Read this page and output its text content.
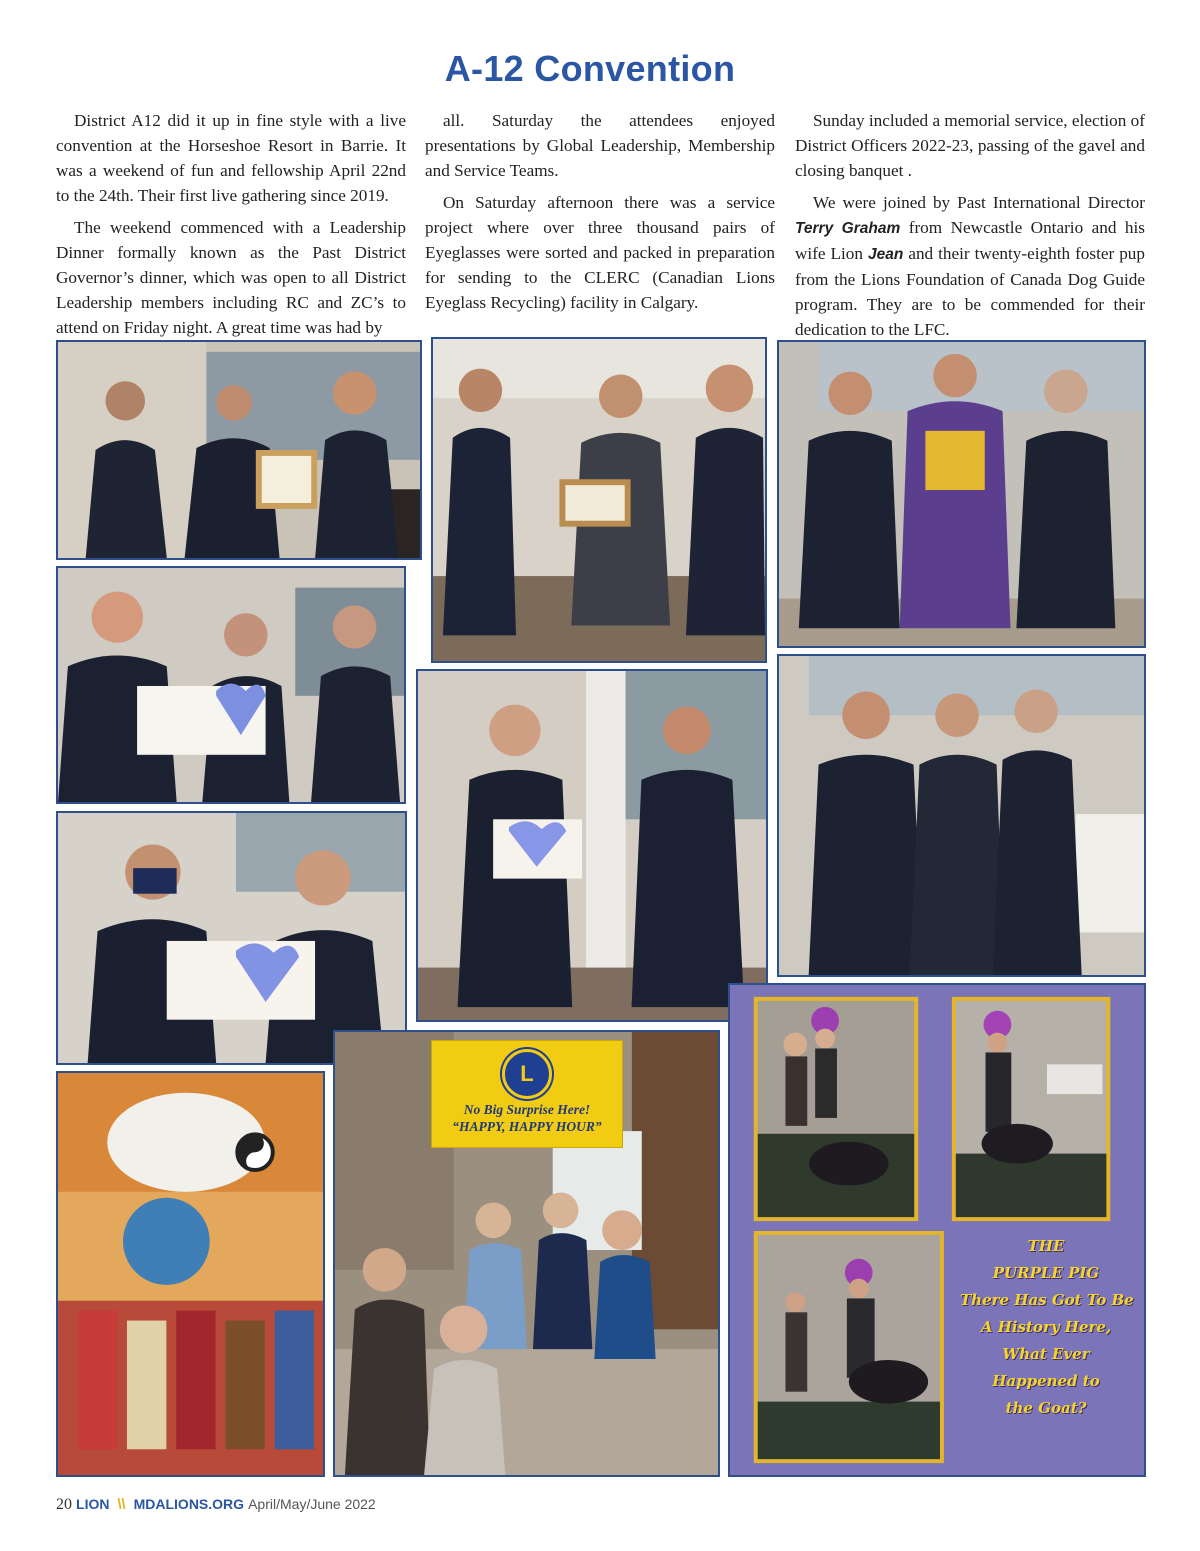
A-12 Convention

District A12 did it up in fine style with a live convention at the Horseshoe Resort in Barrie. It was a weekend of fun and fellowship April 22nd to the 24th. Their first live gathering since 2019.

The weekend commenced with a Leadership Dinner formally known as the Past District Governor’s dinner, which was open to all District Leadership members including RC and ZC’s to attend on Friday night. A great time was had by

all. Saturday the attendees enjoyed presentations by Global Leadership, Membership and Service Teams.

On Saturday afternoon there was a service project where over three thousand pairs of Eyeglasses were sorted and packed in preparation for sending to the CLERC (Canadian Lions Eyeglass Recycling) facility in Calgary.

Sunday included a memorial service, election of District Officers 2022-23, passing of the gavel and closing banquet .

We were joined by Past International Director Terry Graham from Newcastle Ontario and his wife Lion Jean and their twenty-eighth foster pup from the Lions Foundation of Canada Dog Guide program. They are to be commended for their dedication to the LFC.

L
No Big Surprise Here!
“HAPPY, HAPPY HOUR”
THE
PURPLE PIG
There Has Got To Be
A History Here,
What Ever
Happened to
the Goat?
20 LION \\ MDALIONS.ORG April/May/June 2022
